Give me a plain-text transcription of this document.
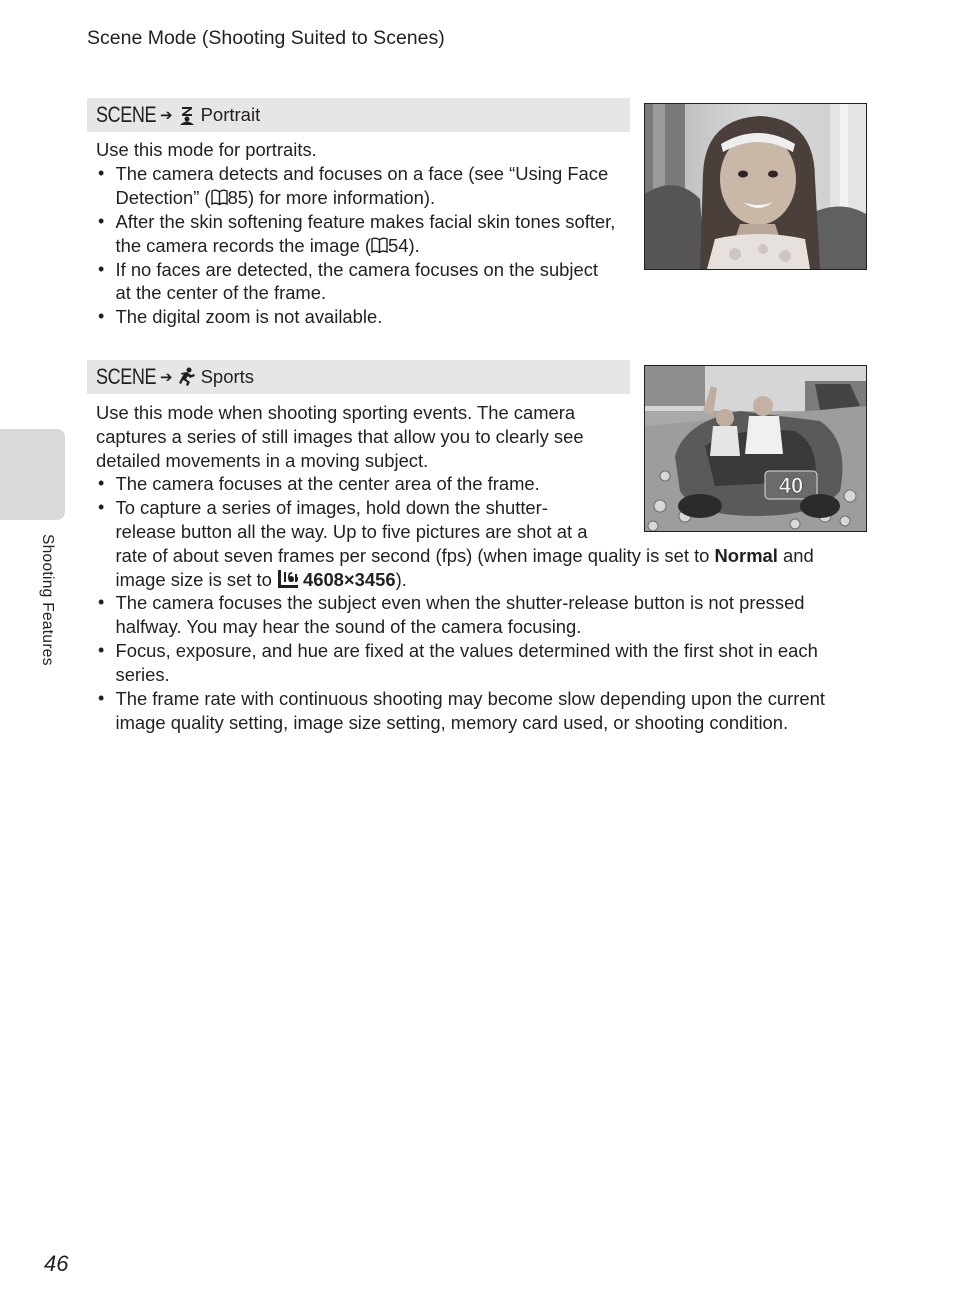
Scene Mode (Shooting Suited to Scenes)
Shooting Features
SCENE ➔ Portrait

Use this mode for portraits.

• The camera detects and focuses on a face (see “Using Face Detection” ( 85) for more information).
• After the skin softening feature makes facial skin tones softer, the camera records the image ( 54).
• If no faces are detected, the camera focuses on the subject at the center of the frame.
• The digital zoom is not available.
SCENE ➔ Sports
40

Use this mode when shooting sporting events. The camera captures a series of still images that allow you to clearly see detailed movements in a moving subject.

• The camera focuses at the center area of the frame.
• To capture a series of images, hold down the shutter-release button all the way. Up to five pictures are shot at a
rate of about seven frames per second (fps) (when image quality is set to Normal and image size is set to 4608×3456).
• The camera focuses the subject even when the shutter-release button is not pressed halfway. You may hear the sound of the camera focusing.
• Focus, exposure, and hue are fixed at the values determined with the first shot in each series.
• The frame rate with continuous shooting may become slow depending upon the current image quality setting, image size setting, memory card used, or shooting condition.
46
